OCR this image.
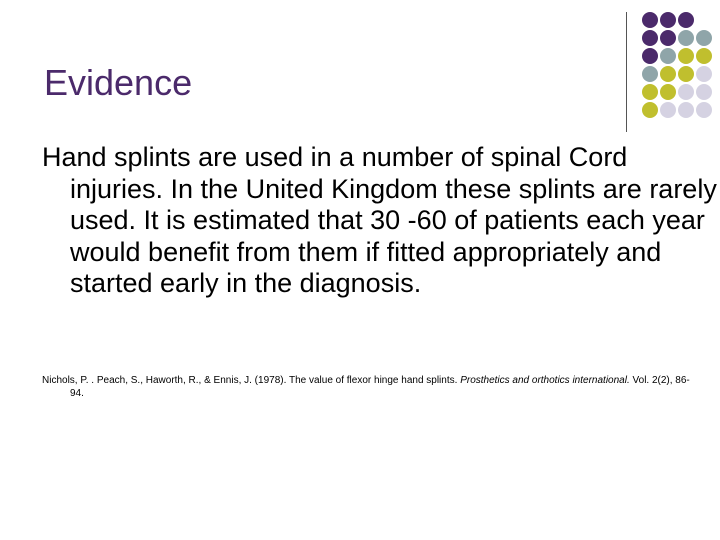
Evidence

Hand splints are used in a number of spinal Cord injuries. In the United Kingdom these splints are rarely used. It is estimated that 30 -60 of patients each year would benefit from them if fitted appropriately and started early in the diagnosis.

Nichols, P. . Peach, S., Haworth, R., & Ennis, J. (1978). The value of flexor hinge hand splints. Prosthetics and orthotics international. Vol. 2(2), 86-94.
